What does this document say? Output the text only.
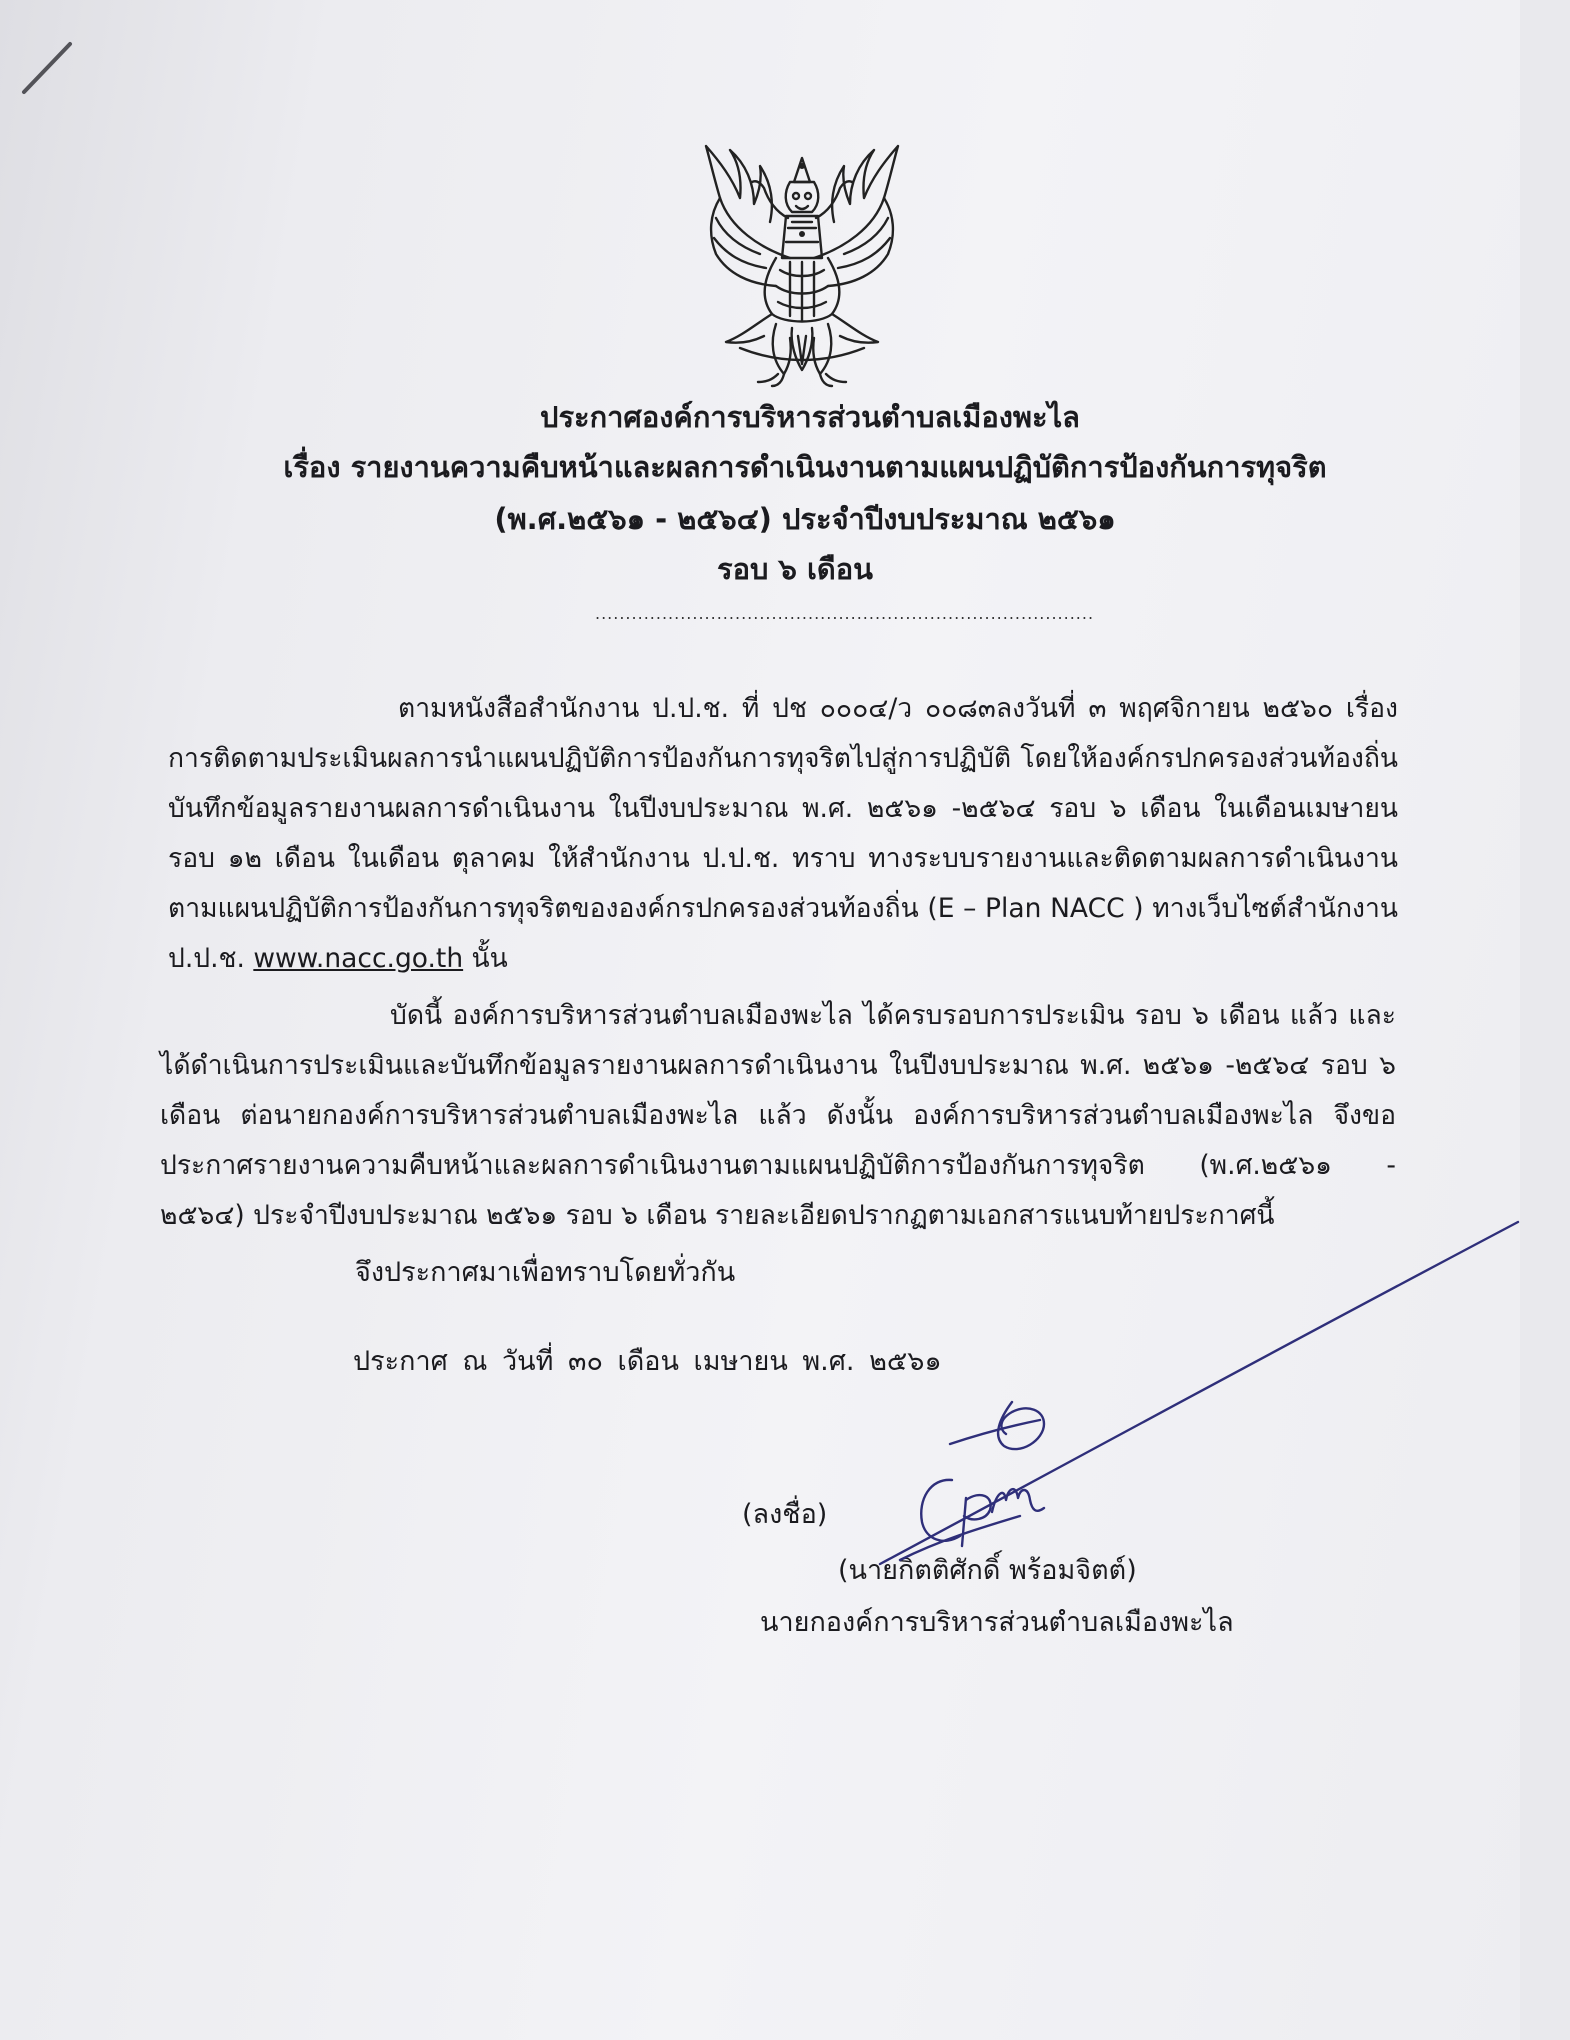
ประกาศองค์การบริหารส่วนตำบลเมืองพะไล
เรื่อง รายงานความคืบหน้าและผลการดำเนินงานตามแผนปฏิบัติการป้องกันการทุจริต
(พ.ศ.๒๕๖๑ - ๒๕๖๔) ประจำปีงบประมาณ ๒๕๖๑
รอบ ๖ เดือน
..................................................................................

ตามหนังสือสำนักงาน ป.ป.ช. ที่ ปช ๐๐๐๔/ว ๐๐๘๓ลงวันที่ ๓ พฤศจิกายน ๒๕๖๐ เรื่อง การติดตามประเมินผลการนำแผนปฏิบัติการป้องกันการทุจริตไปสู่การปฏิบัติ โดยให้องค์กรปกครองส่วนท้องถิ่นบันทึกข้อมูลรายงานผลการดำเนินงาน ในปีงบประมาณ พ.ศ. ๒๕๖๑ -๒๕๖๔ รอบ ๖ เดือน ในเดือนเมษายน รอบ ๑๒ เดือน ในเดือน ตุลาคม ให้สำนักงาน ป.ป.ช. ทราบ ทางระบบรายงานและติดตามผลการดำเนินงานตามแผนปฏิบัติการป้องกันการทุจริตขององค์กรปกครองส่วนท้องถิ่น (E – Plan NACC ) ทางเว็บไซต์สำนักงาน ป.ป.ช. www.nacc.go.th นั้น

บัดนี้ องค์การบริหารส่วนตำบลเมืองพะไล ได้ครบรอบการประเมิน รอบ ๖ เดือน แล้ว และได้ดำเนินการประเมินและบันทึกข้อมูลรายงานผลการดำเนินงาน ในปีงบประมาณ พ.ศ. ๒๕๖๑ -๒๕๖๔ รอบ ๖ เดือน ต่อนายกองค์การบริหารส่วนตำบลเมืองพะไล แล้ว ดังนั้น องค์การบริหารส่วนตำบลเมืองพะไล จึงขอประกาศรายงานความคืบหน้าและผลการดำเนินงานตามแผนปฏิบัติการป้องกันการทุจริต (พ.ศ.๒๕๖๑ - ๒๕๖๔) ประจำปีงบประมาณ ๒๕๖๑ รอบ ๖ เดือน รายละเอียดปรากฏตามเอกสารแนบท้ายประกาศนี้

จึงประกาศมาเพื่อทราบโดยทั่วกัน
ประกาศ ณ วันที่ ๓๐ เดือน เมษายน พ.ศ. ๒๕๖๑
(ลงชื่อ)
(นายกิตติศักดิ์ พร้อมจิตต์)
นายกองค์การบริหารส่วนตำบลเมืองพะไล
